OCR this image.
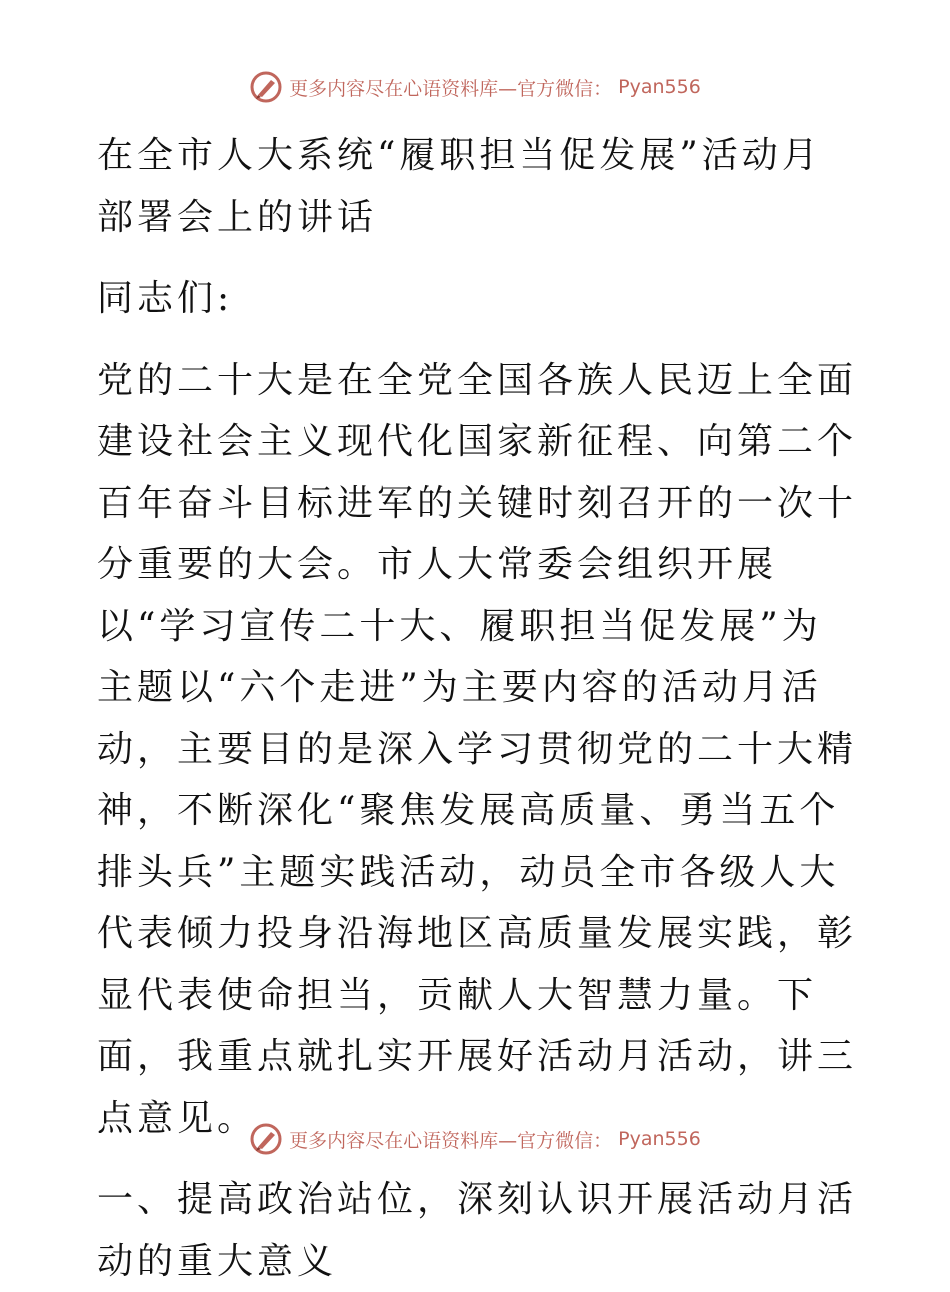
更多内容尽在心语资料库—官方微信： Pyan556

在全市人大系统“履职担当促发展”活动月部署会上的讲话

同志们:

党的二十大是在全党全国各族人民迈上全面建设社会主义现代化国家新征程、向第二个百年奋斗目标进军的关键时刻召开的一次十分重要的大会。市人大常委会组织开展以“学习宣传二十大、履职担当促发展”为主题以“六个走进”为主要内容的活动月活动，主要目的是深入学习贯彻党的二十大精神，不断深化“聚焦发展高质量、勇当五个排头兵”主题实践活动，动员全市各级人大代表倾力投身沿海地区高质量发展实践，彰显代表使命担当，贡献人大智慧力量。下面，我重点就扎实开展好活动月活动，讲三点意见。

一、提高政治站位，深刻认识开展活动月活动的重大意义

更多内容尽在心语资料库—官方微信： Pyan556
